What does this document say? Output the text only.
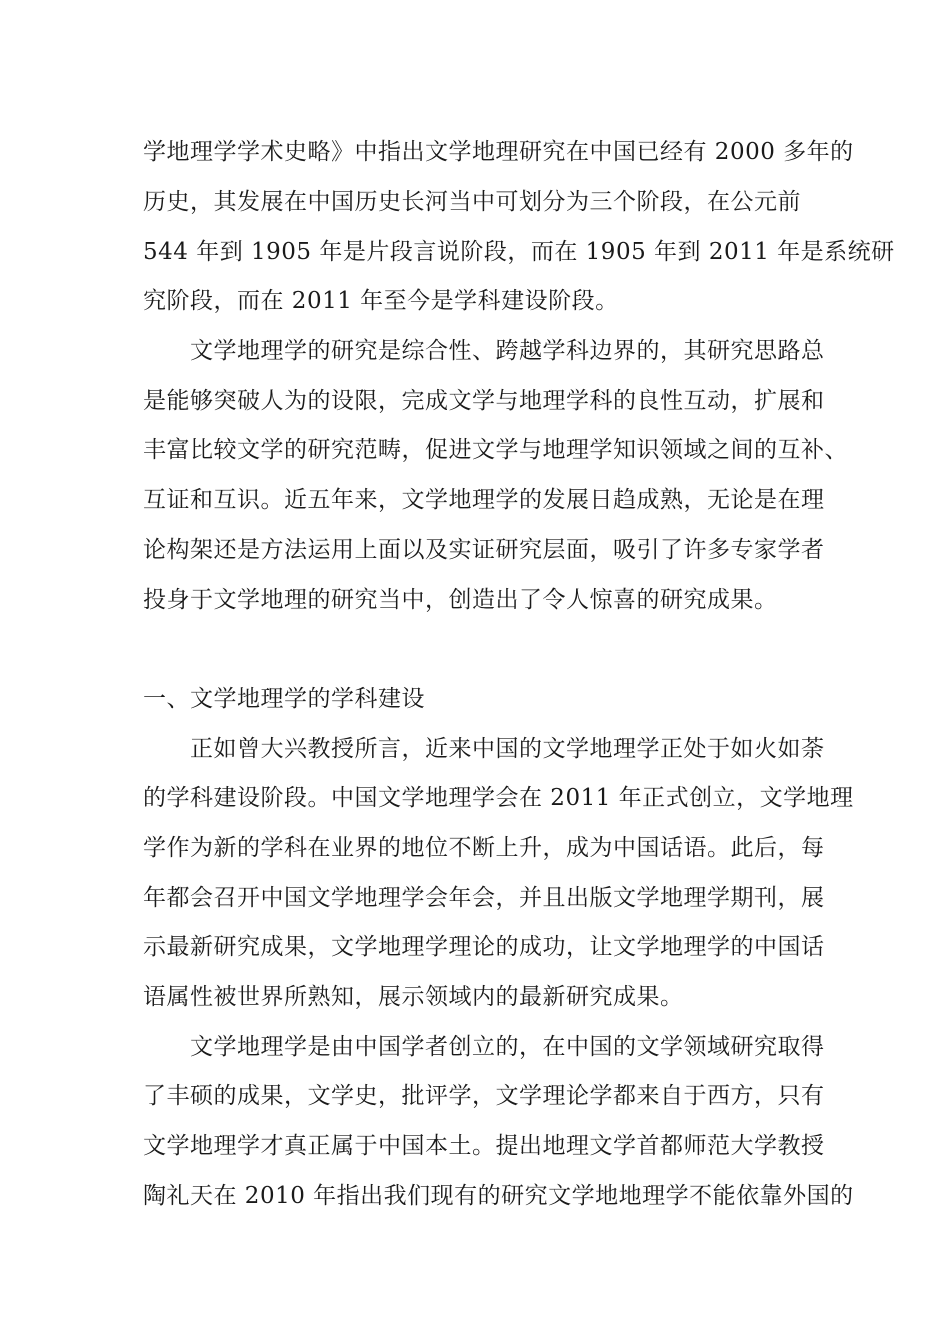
学地理学学术史略》中指出文学地理研究在中国已经有 2000 多年的
历史，其发展在中国历史长河当中可划分为三个阶段，在公元前
544 年到 1905 年是片段言说阶段，而在 1905 年到 2011 年是系统研
究阶段，而在 2011 年至今是学科建设阶段。
文学地理学的研究是综合性、跨越学科边界的，其研究思路总
是能够突破人为的设限，完成文学与地理学科的良性互动，扩展和
丰富比较文学的研究范畴，促进文学与地理学知识领域之间的互补、
互证和互识。近五年来，文学地理学的发展日趋成熟，无论是在理
论构架还是方法运用上面以及实证研究层面，吸引了许多专家学者
投身于文学地理的研究当中，创造出了令人惊喜的研究成果。
一、文学地理学的学科建设
正如曾大兴教授所言，近来中国的文学地理学正处于如火如荼
的学科建设阶段。中国文学地理学会在 2011 年正式创立，文学地理
学作为新的学科在业界的地位不断上升，成为中国话语。此后，每
年都会召开中国文学地理学会年会，并且出版文学地理学期刊，展
示最新研究成果，文学地理学理论的成功，让文学地理学的中国话
语属性被世界所熟知，展示领域内的最新研究成果。
文学地理学是由中国学者创立的，在中国的文学领域研究取得
了丰硕的成果，文学史，批评学，文学理论学都来自于西方，只有
文学地理学才真正属于中国本土。提出地理文学首都师范大学教授
陶礼天在 2010 年指出我们现有的研究文学地地理学不能依靠外国的
